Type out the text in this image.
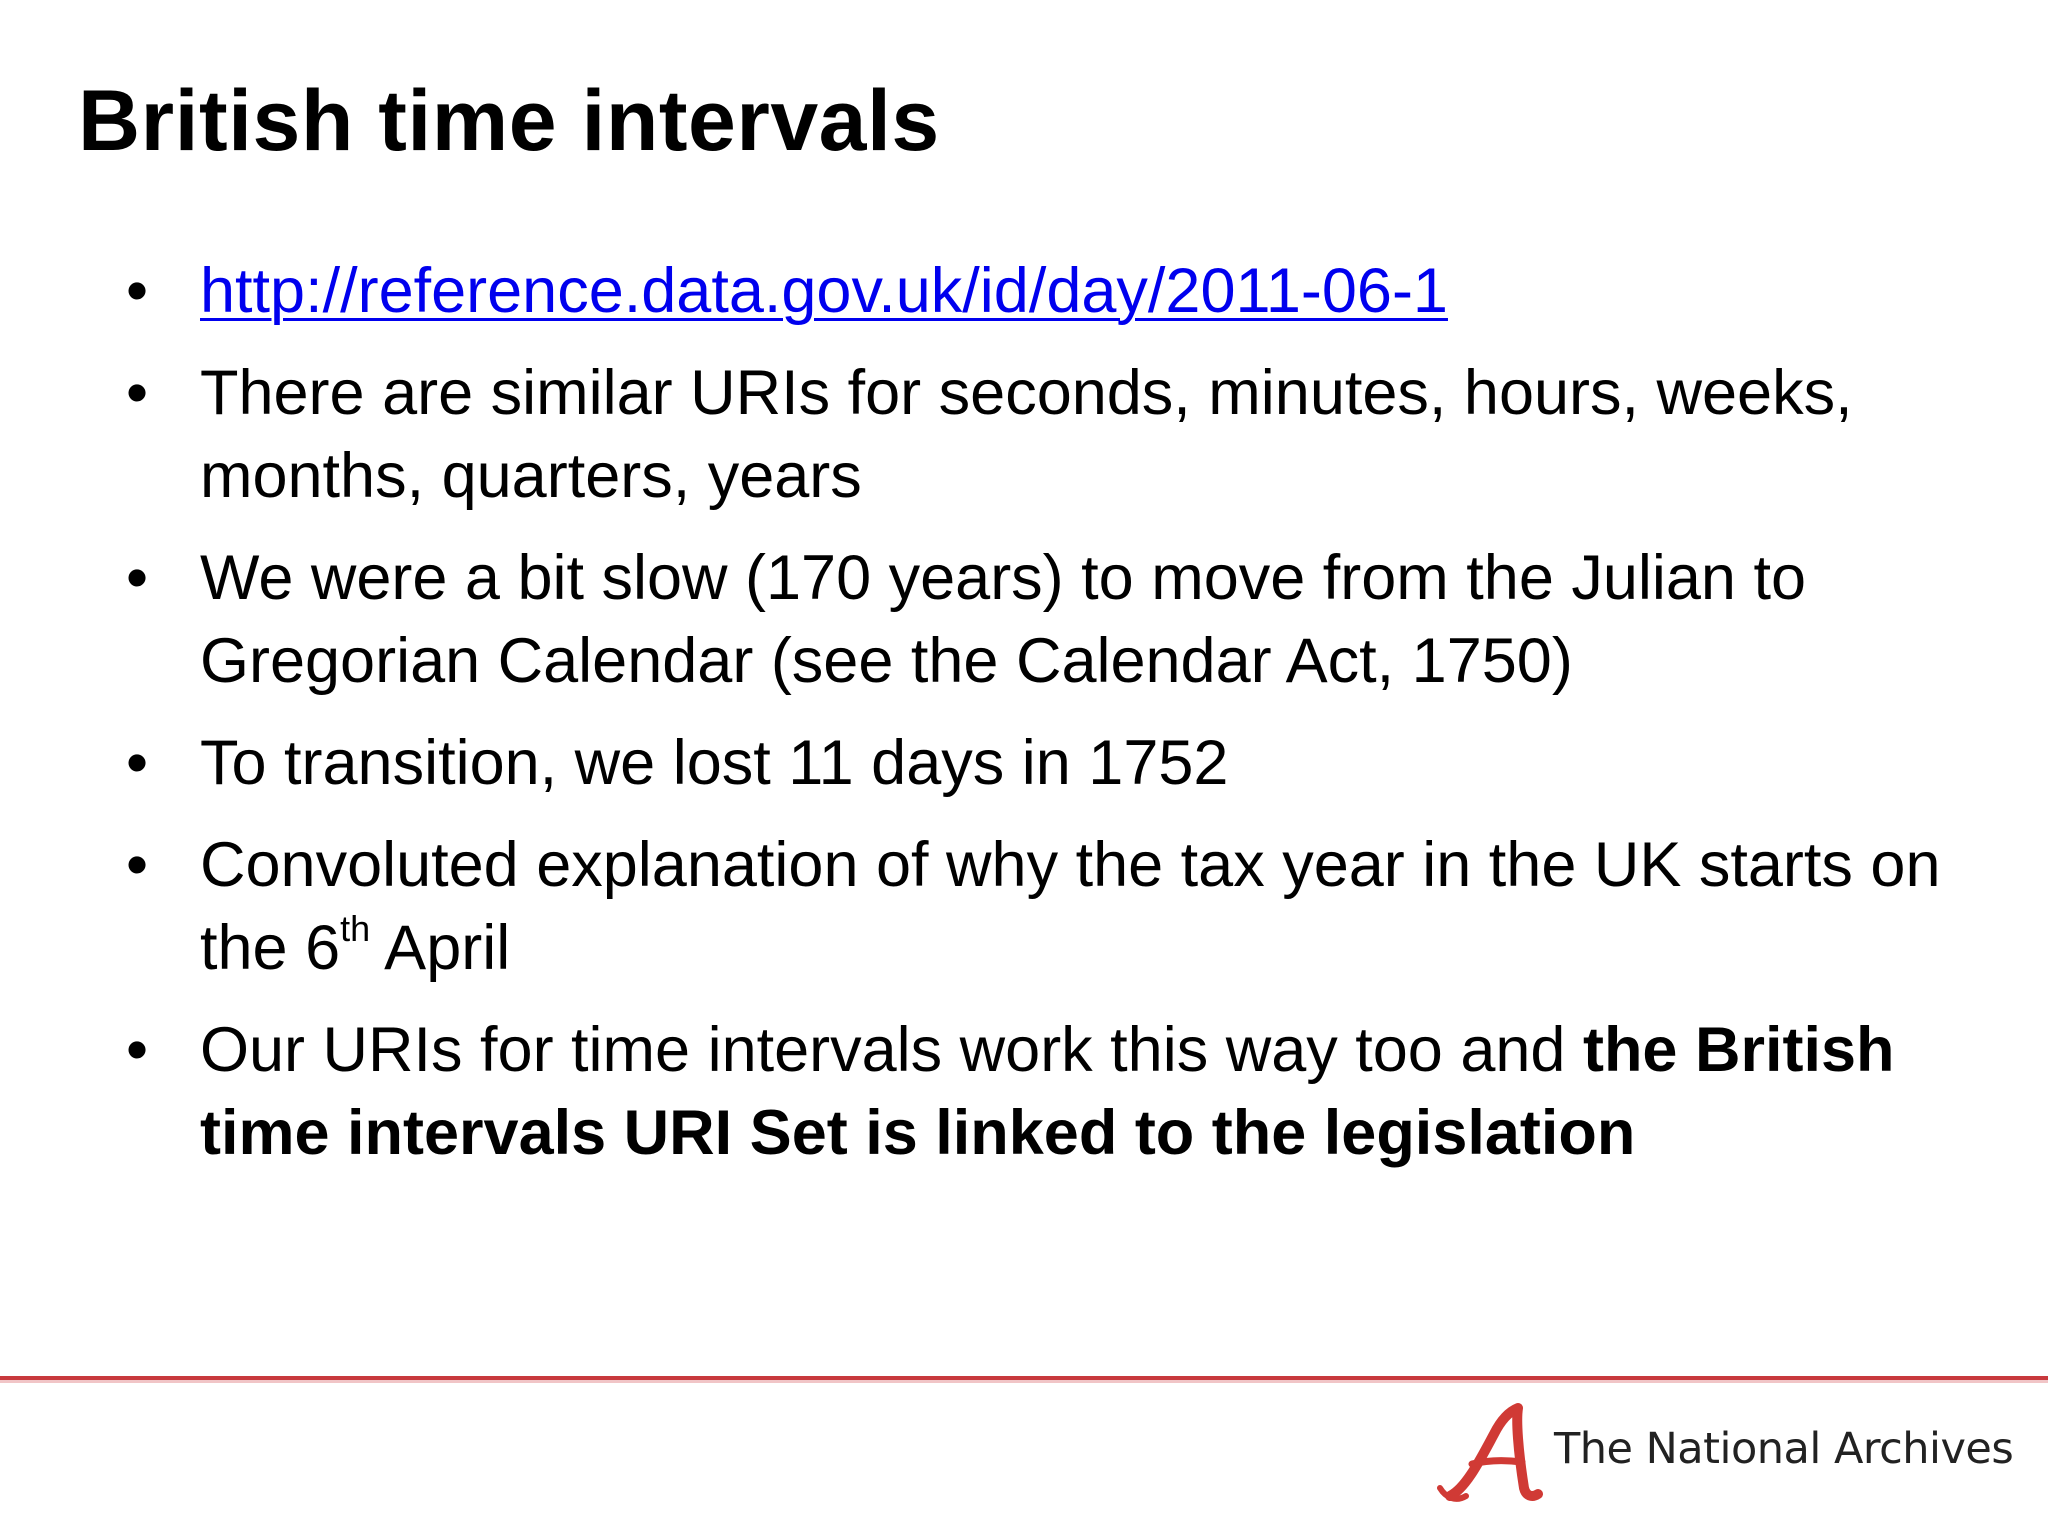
British time intervals
• http://reference.data.gov.uk/id/day/2011-06-1
• There are similar URIs for seconds, minutes, hours, weeks, months, quarters, years
• We were a bit slow (170 years) to move from the Julian to Gregorian Calendar (see the Calendar Act, 1750)
• To transition, we lost 11 days in 1752
• Convoluted explanation of why the tax year in the UK starts on the 6th April
• Our URIs for time intervals work this way too and the British time intervals URI Set is linked to the legislation
The National Archives
